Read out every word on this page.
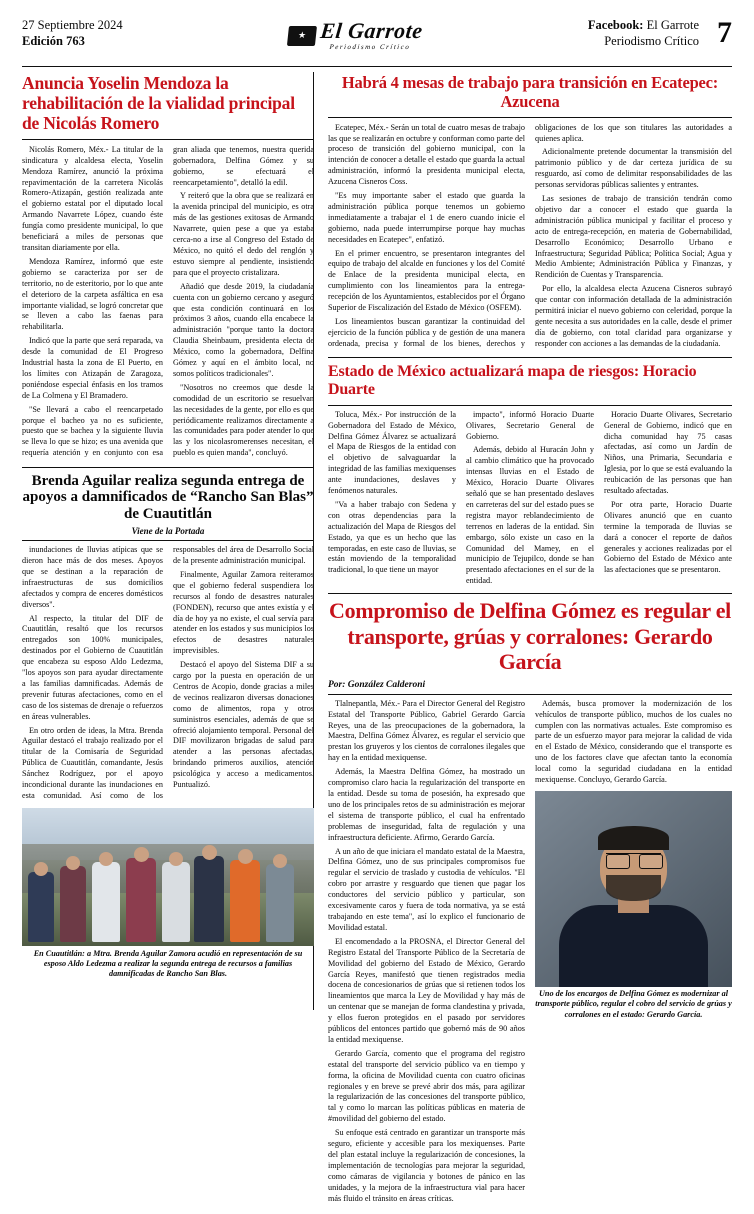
27 Septiembre 2024
Edición 763	★ El Garrote
Periodismo Crítico
Facebook: El Garrote
Periodismo Crítico 7
Anuncia Yoselin Mendoza la rehabilitación de la vialidad principal de Nicolás Romero

Nicolás Romero, Méx.- La titular de la sindicatura y alcaldesa electa, Yoselin Mendoza Ramírez, anunció la próxima repavimentación de la carretera Nicolás Romero-Atizapán, gestión realizada ante el gobierno estatal por el diputado local Armando Navarrete López, cuando éste fungía como presidente municipal, lo que beneficiará a miles de personas que transitan diariamente por ella.

Mendoza Ramírez, informó que este gobierno se caracteriza por ser de territorio, no de esteritorio, por lo que ante el deterioro de la carpeta asfáltica en esa importante vialidad, se logró concretar que se lleven a cabo las faenas para rehabilitarla.

Indicó que la parte que será reparada, va desde la comunidad de El Progreso Industrial hasta la zona de El Puerto, en los límites con Atizapán de Zaragoza, poniéndose especial énfasis en los tramos de La Colmena y El Bramadero.

"Se llevará a cabo el reencarpetado porque el bacheo ya no es suficiente, puesto que se bachea y la siguiente lluvia se lleva lo que se hizo; es una avenida que requería atención y en conjunto con esa gran aliada que tenemos, nuestra querida gobernadora, Delfina Gómez y su gobierno, se efectuará el reencarpetamiento", detalló la edil.

Y reiteró que la obra que se realizará en la avenida principal del municipio, es otra más de las gestiones exitosas de Armando Navarrete, quien pese a que ya estaba cerca-no a irse al Congreso del Estado de México, no quitó el dedo del renglón y estuvo siempre al pendiente, insistiendo para que el proyecto cristalizara.

Añadió que desde 2019, la ciudadanía cuenta con un gobierno cercano y aseguró que esta condición continuará en los próximos 3 años, cuando ella encabece la administración "porque tanto la doctora Claudia Sheinbaum, presidenta electa de México, como la gobernadora, Delfina Gómez y aquí en el ámbito local, no somos políticos tradicionales".

"Nosotros no creemos que desde la comodidad de un escritorio se resuelvan las necesidades de la gente, por ello es que periódicamente realizamos directamente a las comunidades para poder atender lo que las y los nicolasromerenses necesitan, el pueblo es quien manda", concluyó.

Brenda Aguilar realiza segunda entrega de apoyos a damnificados de “Rancho San Blas” de Cuautitlán
Viene de la Portada

inundaciones de lluvias atípicas que se dieron hace más de dos meses. Apoyos que se destinan a la reparación de infraestructuras de sus domicilios afectados y compra de enceres domésticos diversos".

Al respecto, la titular del DIF de Cuautitlán, resaltó que los recursos entregados son 100% municipales, destinados por el Gobierno de Cuautitlán que encabeza su esposo Aldo Ledezma, "los apoyos son para ayudar directamente a las familias damnificadas. Además de prevenir futuras afectaciones, como en el caso de los sistemas de drenaje o refuerzos en áreas vulnerables.

En otro orden de ideas, la Mtra. Brenda Aguilar destacó el trabajo realizado por el titular de la Comisaría de Seguridad Pública de Cuautitlán, comandante, Jesús Sánchez Rodríguez, por el apoyo incondicional durante las inundaciones en esta comunidad. Así como de los responsables del área de Desarrollo Social de la presente administración municipal.

Finalmente, Aguilar Zamora reiteramos que el gobierno federal suspendiera los recursos al fondo de desastres naturales (FONDEN), recurso que antes existía y el día de hoy ya no existe, el cual servía para atender en los estados y sus municipios los efectos de desastres naturales imprevisibles.

Destacó el apoyo del Sistema DIF a su cargo por la puesta en operación de un Centros de Acopio, donde gracias a miles de vecinos realizaron diversas donaciones como de alimentos, ropa y otros suministros esenciales, además de que se ofreció alojamiento temporal. Personal del DIF movilizaron brigadas de salud para atender a las personas afectadas, brindando primeros auxilios, atención psicológica y acceso a medicamentos. Puntualizó.

En Cuautitlán: a Mtra. Brenda Aguilar Zamora acudió en representación de su esposo Aldo Ledezma a realizar la segunda entrega de recursos a familias damnificadas de Rancho San Blas.
Habrá 4 mesas de trabajo para transición en Ecatepec: Azucena

Ecatepec, Méx.- Serán un total de cuatro mesas de trabajo las que se realizarán en octubre y conforman como parte del proceso de transición del gobierno municipal, con la intención de conocer a detalle el estado que guarda la actual administración, informó la presidenta municipal electa, Azucena Cisneros Coss.

"Es muy importante saber el estado que guarda la administración pública porque tenemos un gobierno inmediatamente a trabajar el 1 de enero cuando inicie el gobierno, nada puede interrumpirse porque hay muchas necesidades en Ecatepec", enfatizó.

En el primer encuentro, se presentaron integrantes del equipo de trabajo del alcalde en funciones y los del Comité de Enlace de la presidenta municipal electa, en cumplimiento con los lineamientos para la entrega-recepción de los Ayuntamientos, establecidos por el Órgano Superior de Fiscalización del Estado de México (OSFEM).

Los lineamientos buscan garantizar la continuidad del ejercicio de la función pública y de gestión de una manera ordenada, precisa y formal de los bienes, derechos y obligaciones de los que son titulares las autoridades a quienes aplica.

Adicionalmente pretende documentar la transmisión del patrimonio público y de dar certeza jurídica de su resguardo, así como de delimitar responsabilidades de las personas servidoras públicas salientes y entrantes.

Las sesiones de trabajo de transición tendrán como objetivo dar a conocer el estado que guarda la administración pública municipal y facilitar el proceso y acto de entrega-recepción, en materia de Gobernabilidad, Desarrollo Económico; Desarrollo Urbano e Infraestructura; Seguridad Pública; Política Social; Agua y Medio Ambiente; Administración Pública y Finanzas, y Rendición de Cuentas y Transparencia.

Por ello, la alcaldesa electa Azucena Cisneros subrayó que contar con información detallada de la administración permitirá iniciar el nuevo gobierno con celeridad, porque la gente necesita a sus autoridades en la calle, desde el primer día de gobierno, con total claridad para organizarse y responder con acciones a las demandas de la ciudadanía.

Estado de México actualizará mapa de riesgos: Horacio Duarte

Toluca, Méx.- Por instrucción de la Gobernadora del Estado de México, Delfina Gómez Álvarez se actualizará el Mapa de Riesgos de la entidad con el objetivo de salvaguardar la integridad de las familias mexiquenses ante inundaciones, deslaves y fenómenos naturales.

"Va a haber trabajo con Sedena y con otras dependencias para la actualización del Mapa de Riesgos del Estado, ya que es un hecho que las temporadas, en este caso de lluvias, se están moviendo de la temporalidad tradicional, lo que tiene un mayor

impacto", informó Horacio Duarte Olivares, Secretario General de Gobierno.

Además, debido al Huracán John y al cambio climático que ha provocado intensas lluvias en el Estado de México, Horacio Duarte Olivares señaló que se han presentado deslaves en carreteras del sur del estado pues se registra mayor reblandecimiento de terrenos en laderas de la entidad. Sin embargo, sólo existe un caso en la Comunidad del Mamey, en el municipio de Tejupilco, donde se han presentado afectaciones en el sur de la entidad.

Horacio Duarte Olivares, Secretario General de Gobierno, indicó que en dicha comunidad hay 75 casas afectadas, así como un Jardín de Niños, una Primaria, Secundaria e Iglesia, por lo que se está evaluando la reubicación de las personas que han resultado afectadas.

Por otra parte, Horacio Duarte Olivares anunció que en cuanto termine la temporada de lluvias se dará a conocer el reporte de daños generales y acciones realizadas por el Gobierno del Estado de México ante las afectaciones que se presentaron.

Compromiso de Delfina Gómez es regular el
transporte, grúas y corralones: Gerardo García
Por: González Calderoni

Tlalnepantla, Méx.- Para el Director General del Registro Estatal del Transporte Público, Gabriel Gerardo García Reyes, una de las preocupaciones de la gobernadora, la Maestra, Delfina Gómez Álvarez, es regular el servicio que prestan los gruyeros y los cientos de corralones ilegales que hay en la entidad mexiquense.

Además, la Maestra Delfina Gómez, ha mostrado un compromiso claro hacia la regularización del transporte en la entidad. Desde su toma de posesión, ha expresado que uno de los principales retos de su administración es mejorar el sistema de transporte público, el cual ha enfrentado problemas de inseguridad, falta de regulación y una infraestructura deficiente. Afirmo, Gerardo García.

A un año de que iniciara el mandato estatal de la Maestra, Delfina Gómez, uno de sus principales compromisos fue regular el servicio de traslado y custodia de vehículos. "El cobro por arrastre y resguardo que tienen que pagar los conductores del servicio público y particular, son excesivamente caros y fuera de toda normativa, ya se está trabajando en este tema", así lo explico el funcionario de Movilidad estatal.

El encomendado a la PROSNA, el Director General del Registro Estatal del Transporte Público de la Secretaría de Movilidad del gobierno del Estado de México, Gerardo García Reyes, manifestó que tienen registrados media docena de concesionarios de grúas que si retienen todos los lineamientos que marca la Ley de Movilidad y hay más de un centenar que se manejan de forma clandestina y privada, y ellos fueron protegidos en el pasado por servidores públicos del entonces partido que gobernó más de 90 años la entidad mexiquense.

Gerardo García, comento que el programa del registro estatal del transporte del servicio público va en tiempo y forma, la oficina de Movilidad cuenta con cuatro oficinas regionales y en breve se prevé abrir dos más, para agilizar la regularización de las concesiones del transporte público, tal y como lo marcan las políticas públicas en materia de #movilidad del gobierno del estado.

Su enfoque está centrado en garantizar un transporte más seguro, eficiente y accesible para los mexiquenses. Parte del plan estatal incluye la regularización de concesiones, la implementación de tecnologías para mejorar la seguridad, como cámaras de vigilancia y botones de pánico en las unidades, y la mejora de la infraestructura vial para hacer más fluido el tránsito en áreas críticas.

Además, busca promover la modernización de los vehículos de transporte público, muchos de los cuales no cumplen con las normativas actuales. Este compromiso es parte de un esfuerzo mayor para mejorar la calidad de vida en el Estado de México, considerando que el transporte es uno de los factores clave que afectan tanto la economía local como la seguridad ciudadana en la entidad mexiquense. Concluyo, Gerardo García.

Uno de los encargos de Delfina Gómez es modernizar al transporte público, regular el cobro del servicio de grúas y corralones en el estado: Gerardo García.
